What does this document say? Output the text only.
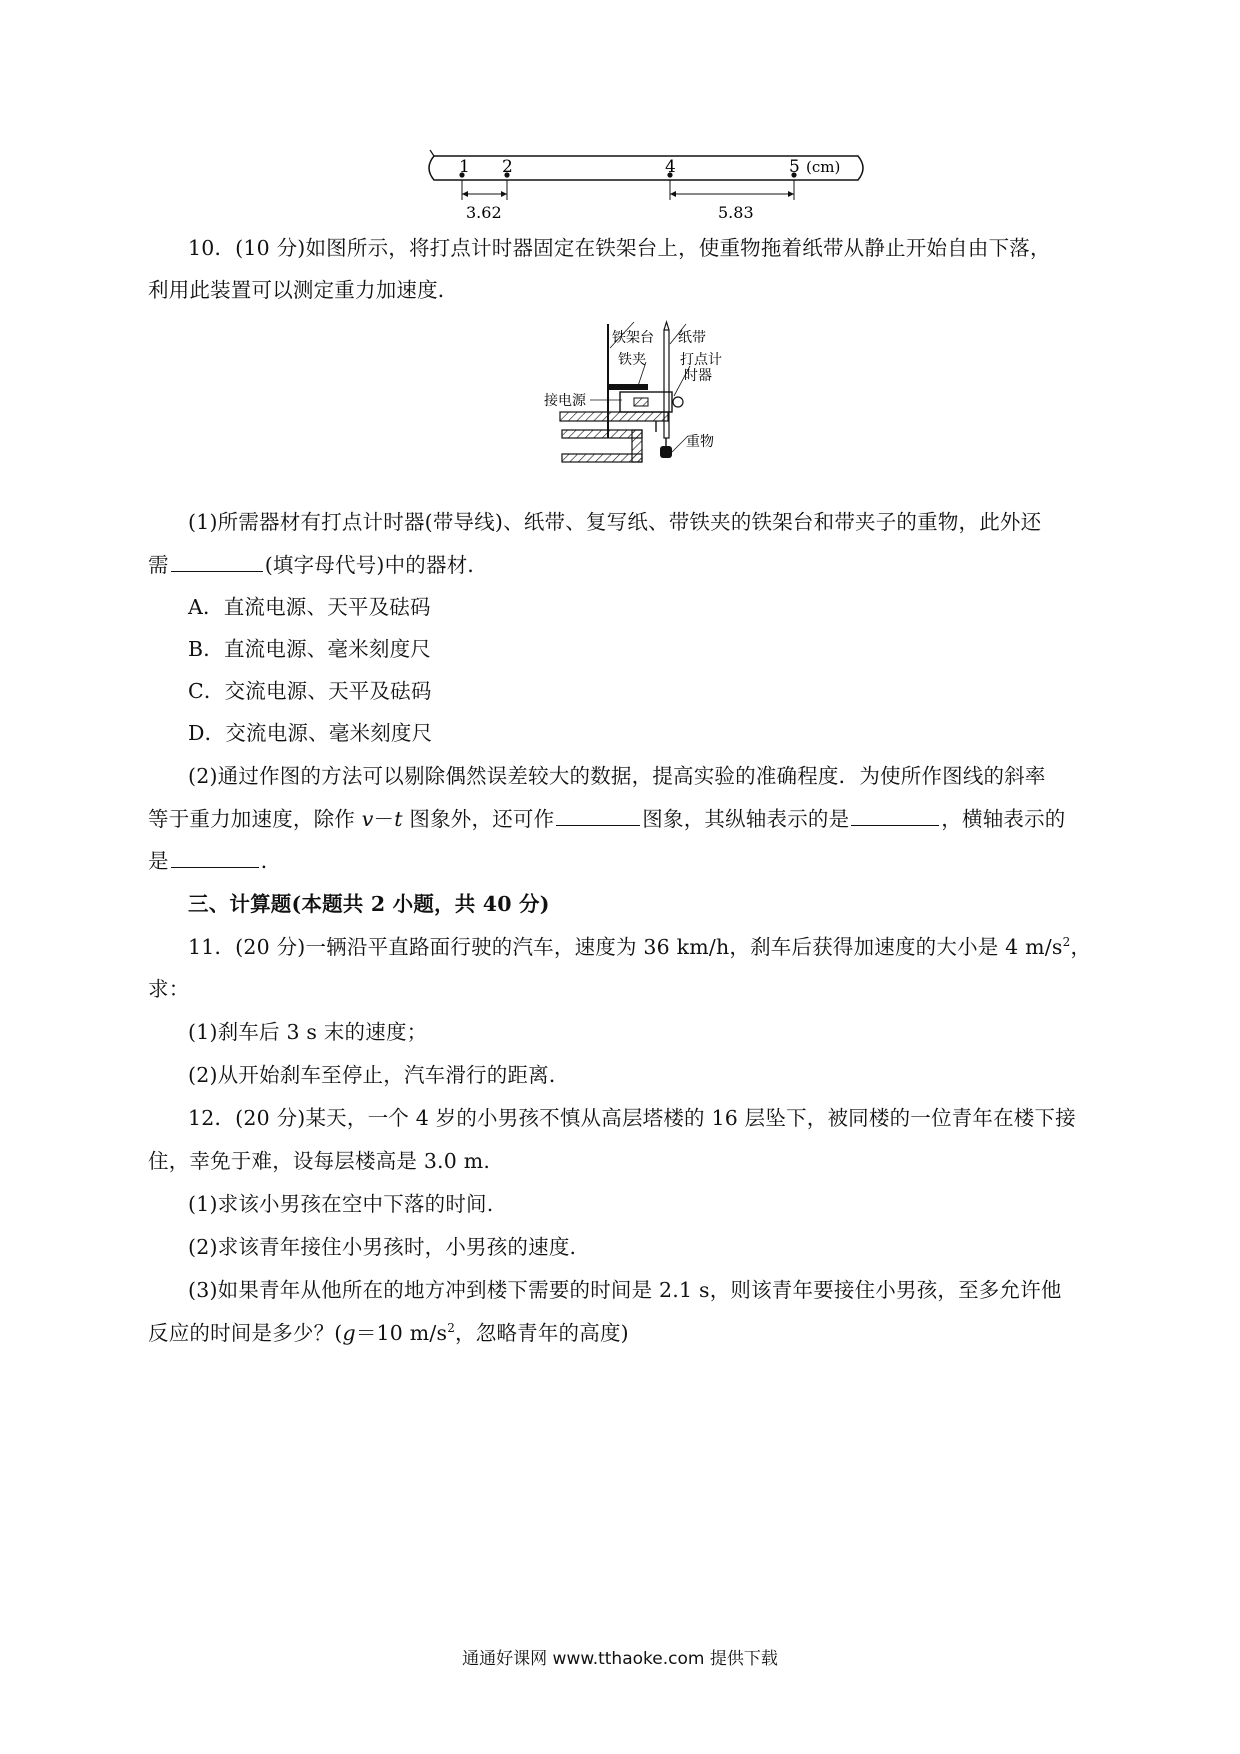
1 2	4	5 (cm)
3.62	5.83
10．(10 分)如图所示，将打点计时器固定在铁架台上，使重物拖着纸带从静止开始自由下落，
利用此装置可以测定重力加速度．
铁架台 纸带
铁夹 打点计
时器
接电源
重物
(1)所需器材有打点计时器(带导线)、纸带、复写纸、带铁夹的铁架台和带夹子的重物，此外还
需	(填字母代号)中的器材．
A．直流电源、天平及砝码
B．直流电源、毫米刻度尺
C．交流电源、天平及砝码
D．交流电源、毫米刻度尺
(2)通过作图的方法可以剔除偶然误差较大的数据，提高实验的准确程度．为使所作图线的斜率
等于重力加速度，除作 v－t 图象外，还可作	图象，其纵轴表示的是	，横轴表示的
是	．
三、计算题(本题共 2 小题，共 40 分)
11．(20 分)一辆沿平直路面行驶的汽车，速度为 36 km/h，刹车后获得加速度的大小是 4 $m/s^2$，
求：
(1)刹车后 3 s 末的速度；
(2)从开始刹车至停止，汽车滑行的距离．
12．(20 分)某天，一个 4 岁的小男孩不慎从高层塔楼的 16 层坠下，被同楼的一位青年在楼下接
住，幸免于难，设每层楼高是 3.0 m.
(1)求该小男孩在空中下落的时间.
(2)求该青年接住小男孩时，小男孩的速度.
(3)如果青年从他所在的地方冲到楼下需要的时间是 2.1 s，则该青年要接住小男孩，至多允许他
反应的时间是多少？(g＝10 $m/s^2$，忽略青年的高度)
通通好课网 www.tthaoke.com 提供下载
